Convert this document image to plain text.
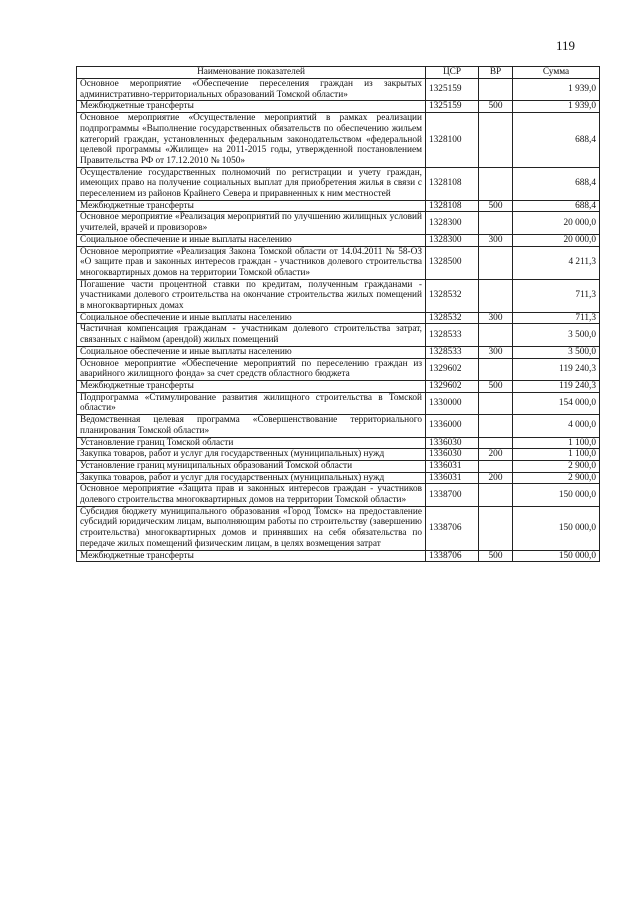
119
Наименование показателей	ЦСР	ВР	Сумма
Основное мероприятие «Обеспечение переселения граждан из закрытых административно-территориальных образований Томской области»	1325159		1 939,0
Межбюджетные трансферты	1325159	500	1 939,0
Основное мероприятие «Осуществление мероприятий в рамках реализации подпрограммы «Выполнение государственных обязательств по обеспечению жильем категорий граждан, установленных федеральным законодательством «федеральной целевой программы «Жилище» на 2011-2015 годы, утвержденной постановлением Правительства РФ от 17.12.2010 № 1050»	1328100		688,4
Осуществление государственных полномочий по регистрации и учету граждан, имеющих право на получение социальных выплат для приобретения жилья в связи с переселением из районов Крайнего Севера и приравненных к ним местностей	1328108		688,4
Межбюджетные трансферты	1328108	500	688,4
Основное мероприятие «Реализация мероприятий по улучшению жилищных условий учителей, врачей и провизоров»	1328300		20 000,0
Социальное обеспечение и иные выплаты населению	1328300	300	20 000,0
Основное мероприятие «Реализация Закона Томской области от 14.04.2011 № 58-ОЗ «О защите прав и законных интересов граждан - участников долевого строительства многоквартирных домов на территории Томской области»	1328500		4 211,3
Погашение части процентной ставки по кредитам, полученным гражданами - участниками долевого строительства на окончание строительства жилых помещений в многоквартирных домах	1328532		711,3
Социальное обеспечение и иные выплаты населению	1328532	300	711,3
Частичная компенсация гражданам - участникам долевого строительства затрат, связанных с наймом (арендой) жилых помещений	1328533		3 500,0
Социальное обеспечение и иные выплаты населению	1328533	300	3 500,0
Основное мероприятие «Обеспечение мероприятий по переселению граждан из аварийного жилищного фонда» за счет средств областного бюджета	1329602		119 240,3
Межбюджетные трансферты	1329602	500	119 240,3
Подпрограмма «Стимулирование развития жилищного строительства в Томской области»	1330000		154 000,0
Ведомственная целевая программа «Совершенствование территориального планирования Томской области»	1336000		4 000,0
Установление границ Томской области	1336030		1 100,0
Закупка товаров, работ и услуг для государственных (муниципальных) нужд	1336030	200	1 100,0
Установление границ муниципальных образований Томской области	1336031		2 900,0
Закупка товаров, работ и услуг для государственных (муниципальных) нужд	1336031	200	2 900,0
Основное мероприятие «Защита прав и законных интересов граждан - участников долевого строительства многоквартирных домов на территории Томской области»	1338700		150 000,0
Субсидия бюджету муниципального образования «Город Томск» на предоставление субсидий юридическим лицам, выполняющим работы по строительству (завершению строительства) многоквартирных домов и принявших на себя обязательства по передаче жилых помещений физическим лицам, в целях возмещения затрат	1338706		150 000,0
Межбюджетные трансферты	1338706	500	150 000,0
